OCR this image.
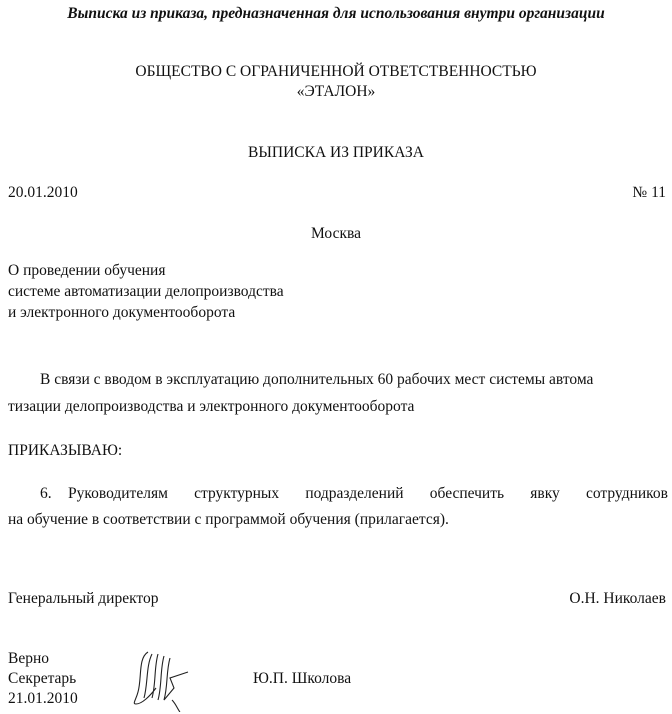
Выписка из приказа, предназначенная для использования внутри организации
ОБЩЕСТВО С ОГРАНИЧЕННОЙ ОТВЕТСТВЕННОСТЬЮ
«ЭТАЛОН»
ВЫПИСКА ИЗ ПРИКАЗА
20.01.2010	№ 11
Москва
О проведении обучения
системе автоматизации делопроизводства
и электронного документооборота
В связи с вводом в эксплуатацию дополнительных 60 рабочих мест системы автома
тизации делопроизводства и электронного документооборота
ПРИКАЗЫВАЮ:
6. Руководителям структурных подразделений обеспечить явку сотрудников
на обучение в соответствии с программой обучения (прилагается).
Генеральный директор	О.Н. Николаев
Верно
Секретарь
21.01.2010
Ю.П. Школова
